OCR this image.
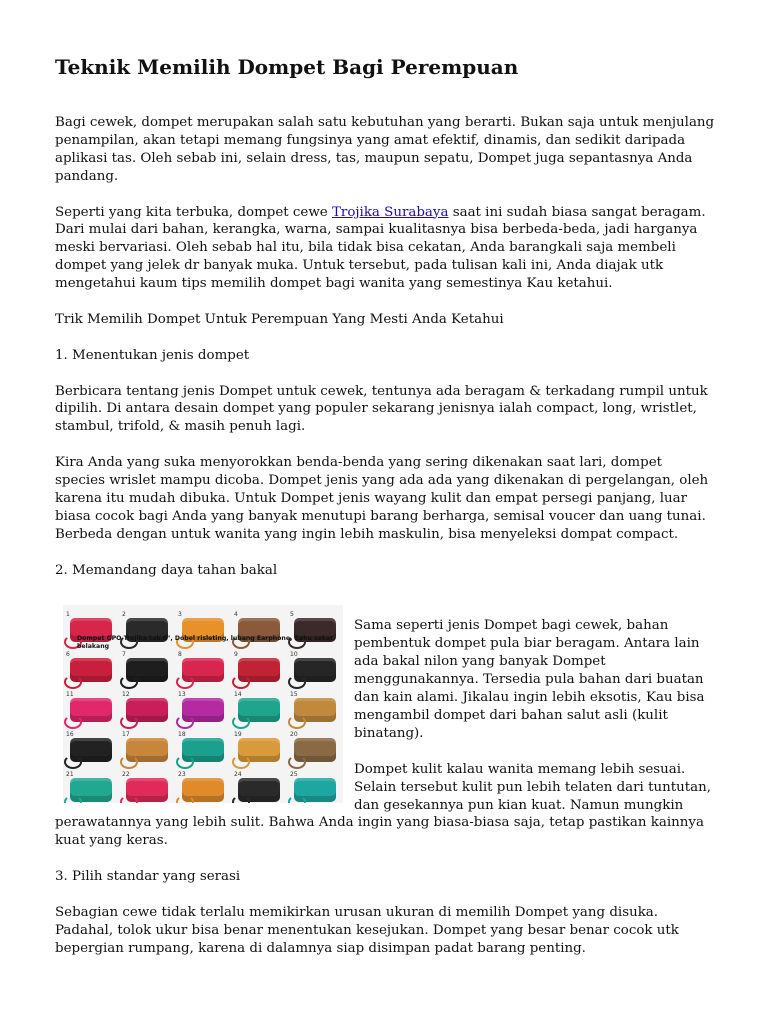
Teknik Memilih Dompet Bagi Perempuan

Bagi cewek, dompet merupakan salah satu kebutuhan yang berarti. Bukan saja untuk menjulang penampilan, akan tetapi memang fungsinya yang amat efektif, dinamis, dan sedikit daripada aplikasi tas. Oleh sebab ini, selain dress, tas, maupun sepatu, Dompet juga sepantasnya Anda pandang.

Seperti yang kita terbuka, dompet cewe Trojika Surabaya saat ini sudah biasa sangat beragam. Dari mulai dari bahan, kerangka, warna, sampai kualitasnya bisa berbeda-beda, jadi harganya meski bervariasi. Oleh sebab hal itu, bila tidak bisa cekatan, Anda barangkali saja membeli dompet yang jelek dr banyak muka. Untuk tersebut, pada tulisan kali ini, Anda diajak utk mengetahui kaum tips memilih dompet bagi wanita yang semestinya Kau ketahui.

Trik Memilih Dompet Untuk Perempuan Yang Mesti Anda Ketahui

1. Menentukan jenis dompet

Berbicara tentang jenis Dompet untuk cewek, tentunya ada beragam & terkadang rumpil untuk dipilih. Di antara desain dompet yang populer sekarang jenisnya ialah compact, long, wristlet, stambul, trifold, & masih penuh lagi.

Kira Anda yang suka menyorokkan benda-benda yang sering dikenakan saat lari, dompet species wrislet mampu dicoba. Dompet jenis yang ada ada yang dikenakan di pergelangan, oleh karena itu mudah dibuka. Untuk Dompet jenis wayang kulit dan empat persegi panjang, luar biasa cocok bagi Anda yang banyak menutupi barang berharga, semisal voucer dan uang tunai. Berbeda dengan untuk wanita yang ingin lebih maskulin, bisa menyeleksi dompat compact.

2. Memandang daya tahan bakal

1	2	3	4	5
6	7	8	9	10
11	12	13	14	15
16	17	18	19	20
21	22	23	24	25
Dompet GPO Trojika tab 8", Dobel risleting, lubang Earphone, Saku sekat belakang

Sama seperti jenis Dompet bagi cewek, bahan pembentuk dompet pula biar beragam. Antara lain ada bakal nilon yang banyak Dompet menggunakannya. Tersedia pula bahan dari buatan dan kain alami. Jikalau ingin lebih eksotis, Kau bisa mengambil dompet dari bahan salut asli (kulit binatang).

Dompet kulit kalau wanita memang lebih sesuai. Selain tersebut kulit pun lebih telaten dari tuntutan, dan gesekannya pun kian kuat. Namun mungkin perawatannya yang lebih sulit. Bahwa Anda ingin yang biasa-biasa saja, tetap pastikan kainnya kuat yang keras.

3. Pilih standar yang serasi

Sebagian cewe tidak terlalu memikirkan urusan ukuran di memilih Dompet yang disuka. Padahal, tolok ukur bisa benar menentukan kesejukan. Dompet yang besar benar cocok utk bepergian rumpang, karena di dalamnya siap disimpan padat barang penting.
